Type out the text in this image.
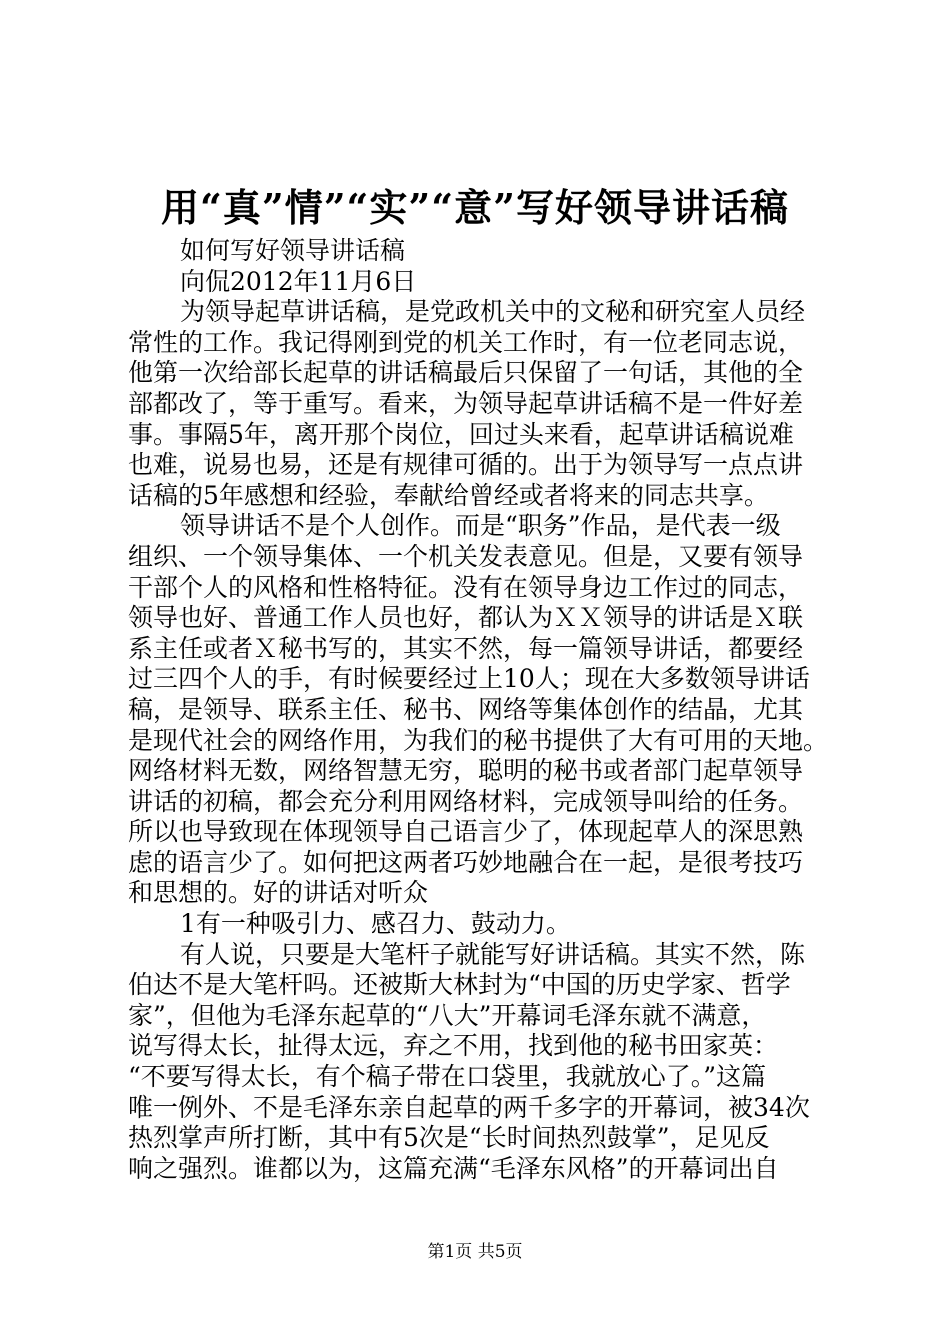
用“真”情”“实”“意”写好领导讲话稿

如何写好领导讲话稿

向侃2012年11月6日

为领导起草讲话稿，是党政机关中的文秘和研究室人员经

常性的工作。我记得刚到党的机关工作时，有一位老同志说，

他第一次给部长起草的讲话稿最后只保留了一句话，其他的全

部都改了，等于重写。看来，为领导起草讲话稿不是一件好差

事。事隔5年，离开那个岗位，回过头来看，起草讲话稿说难

也难，说易也易，还是有规律可循的。出于为领导写一点点讲

话稿的5年感想和经验，奉献给曾经或者将来的同志共享。

领导讲话不是个人创作。而是“职务”作品，是代表一级

组织、一个领导集体、一个机关发表意见。但是，又要有领导

干部个人的风格和性格特征。没有在领导身边工作过的同志，

领导也好、普通工作人员也好，都认为ＸＸ领导的讲话是Ｘ联

系主任或者Ｘ秘书写的，其实不然，每一篇领导讲话，都要经

过三四个人的手，有时候要经过上10人；现在大多数领导讲话

稿，是领导、联系主任、秘书、网络等集体创作的结晶，尤其

是现代社会的网络作用，为我们的秘书提供了大有可用的天地。

网络材料无数，网络智慧无穷，聪明的秘书或者部门起草领导

讲话的初稿，都会充分利用网络材料，完成领导叫给的任务。

所以也导致现在体现领导自己语言少了，体现起草人的深思熟

虑的语言少了。如何把这两者巧妙地融合在一起，是很考技巧

和思想的。好的讲话对听众

1有一种吸引力、感召力、鼓动力。

有人说，只要是大笔杆子就能写好讲话稿。其实不然，陈

伯达不是大笔杆吗。还被斯大林封为“中国的历史学家、哲学

家”，但他为毛泽东起草的“八大”开幕词毛泽东就不满意，

说写得太长，扯得太远，弃之不用，找到他的秘书田家英：

“不要写得太长，有个稿子带在口袋里，我就放心了。”这篇

唯一例外、不是毛泽东亲自起草的两千多字的开幕词，被34次

热烈掌声所打断，其中有5次是“长时间热烈鼓掌”，足见反

响之强烈。谁都以为，这篇充满“毛泽东风格”的开幕词出自

第1页 共5页
